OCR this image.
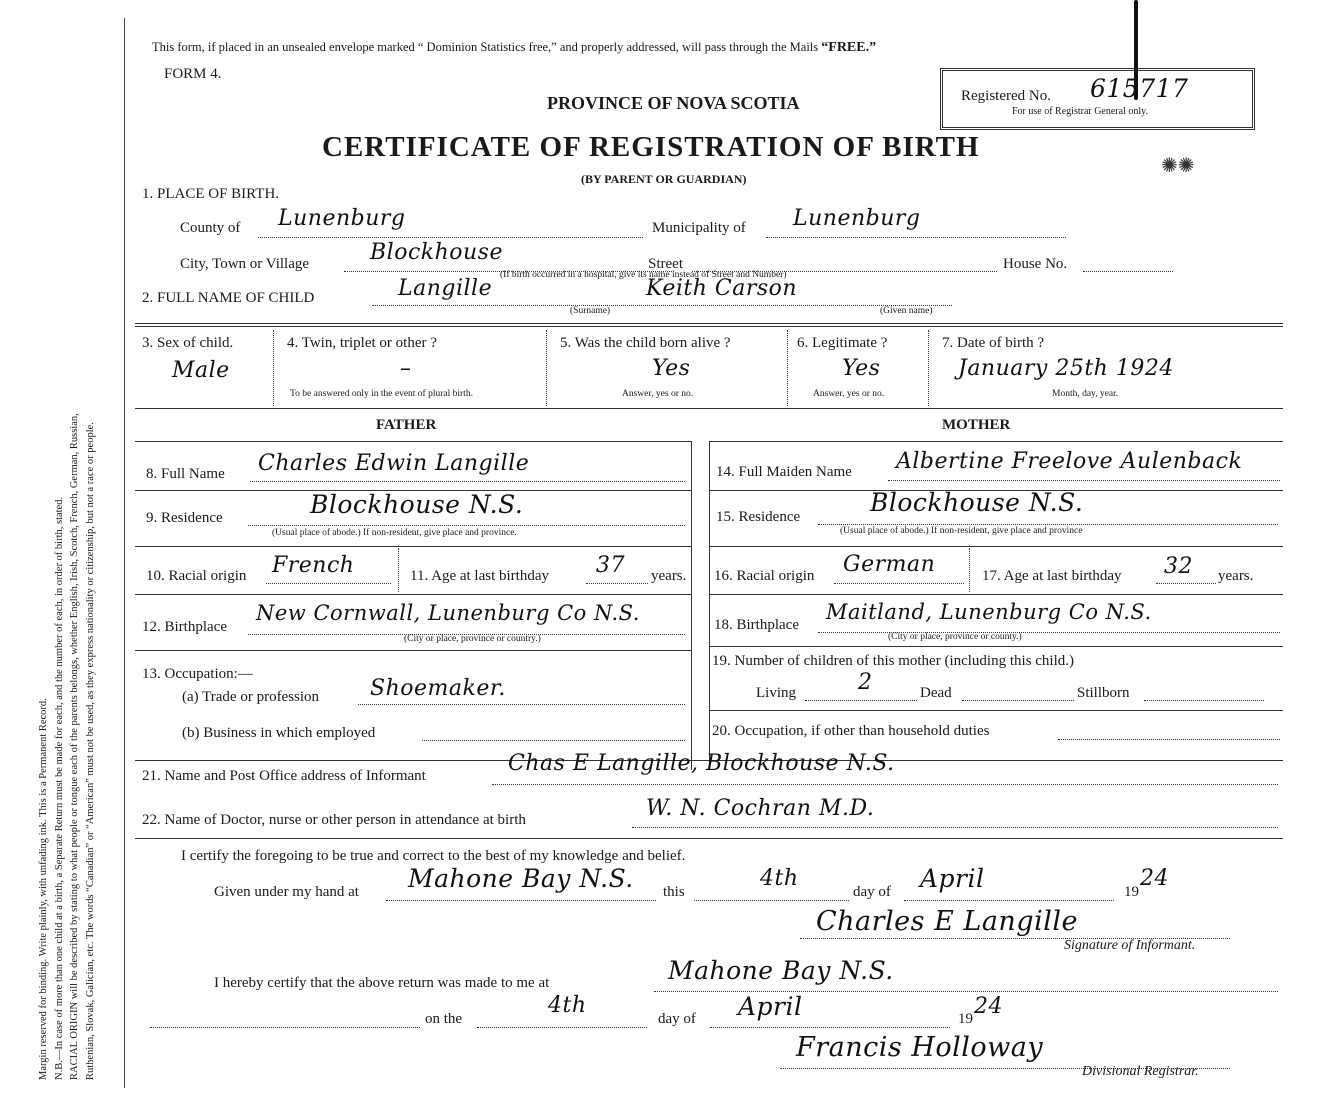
Margin reserved for binding. Write plainly, with unfading ink. This is a Permanent Record. N.B.—In case of more than one child at a birth, a Separate Return must be made for each, and the number of each, in order of birth, stated. RACIAL ORIGIN will be described by stating to what people or tongue each of the parents belongs, whether English, Irish, Scotch, French, German, Russian, Ruthenian, Slovak, Galician, etc. The words “Canadian” or “American” must not be used, as they express nationality or citizenship, but not a race or people.

This form, if placed in an unsealed envelope marked “ Dominion Statistics free,” and properly addressed, will pass through the Mails “FREE.”
FORM 4.
PROVINCE OF NOVA SCOTIA
CERTIFICATE OF REGISTRATION OF BIRTH
(BY PARENT OR GUARDIAN)
Registered No. 615717
For use of Registrar General only.
✺✺
1. PLACE OF BIRTH.
County of Lunenburg	Municipality of Lunenburg
City, Town or Village	Blockhouse	Street	House No.
(If birth occurred in a hospital, give its name instead of Street and Number)
2. FULL NAME OF CHILD	Langille	Keith Carson
(Surname)	(Given name)
3. Sex of child.
Male
4. Twin, triplet or other ?
–
To be answered only in the event of plural birth.
5. Was the child born alive ?
Yes
Answer, yes or no.
6. Legitimate ?
Yes
Answer, yes or no.
7. Date of birth ?
January 25th 1924
Month, day, year.
FATHER	MOTHER
8. Full Name Charles Edwin Langille
9. Residence	Blockhouse N.S.
(Usual place of abode.) If non-resident, give place and province.
10. Racial origin French	11. Age at last birthday 37 years.
12. Birthplace
New Cornwall, Lunenburg Co N.S.
(City or place, province or country.)
13. Occupation:—
(a) Trade or profession Shoemaker.
(b) Business in which employed
14. Full Maiden Name Albertine Freelove Aulenback
15. Residence	Blockhouse N.S.
(Usual place of abode.) If non-resident, give place and province
16. Racial origin German	17. Age at last birthday 32 years.
18. Birthplace
Maitland, Lunenburg Co N.S.
(City or place, province or county.)
19. Number of children of this mother (including this child.)
Living	2	Dead	Stillborn
20. Occupation, if other than household duties
21. Name and Post Office address of Informant	Chas E Langille, Blockhouse N.S.
22. Name of Doctor, nurse or other person in attendance at birth	W. N. Cochran M.D.
I certify the foregoing to be true and correct to the best of my knowledge and belief.
Given under my hand at Mahone Bay N.S. this
4th
day of April	19
24
Charles E Langille
Signature of Informant.
I hereby certify that the above return was made to me at	Mahone Bay N.S.
on the
4th
day of April	19 24
Francis Holloway
Divisional Registrar.
